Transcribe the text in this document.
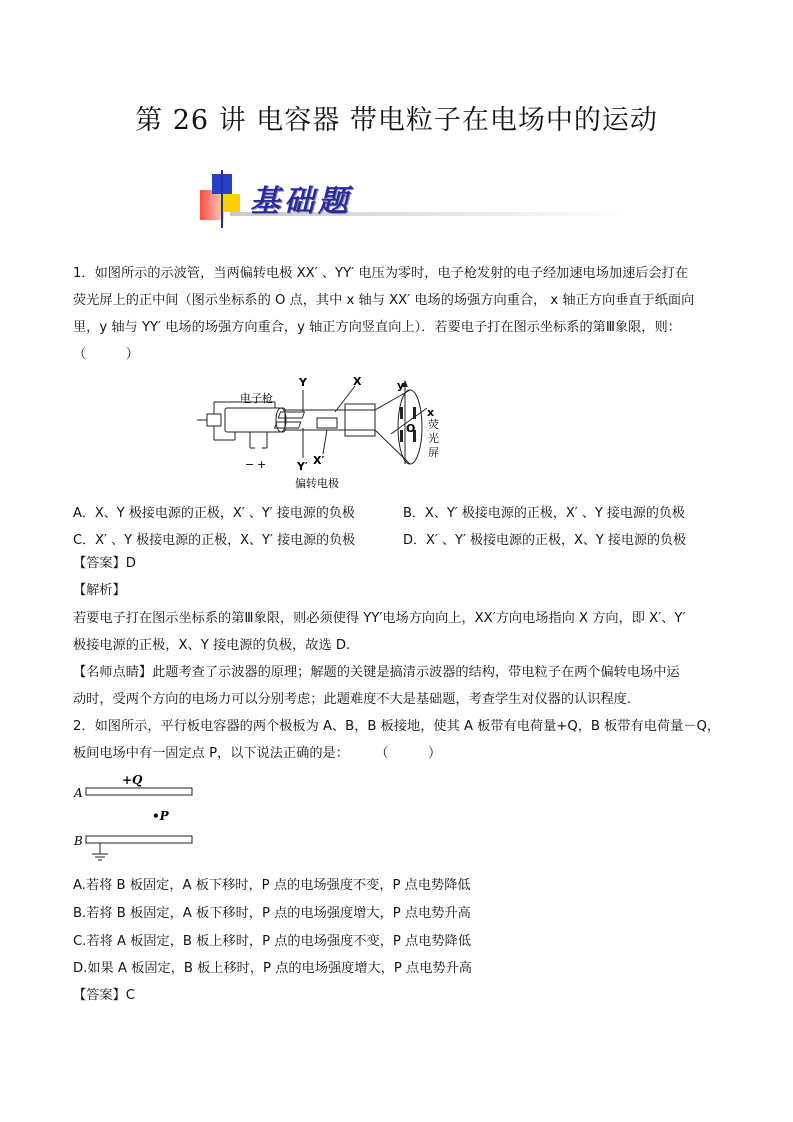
第 26 讲 电容器 带电粒子在电场中的运动
基础题
1．如图所示的示波管，当两偏转电极 XX′ 、YY′ 电压为零时，电子枪发射的电子经加速电场加速后会打在
荧光屏上的正中间（图示坐标系的 O 点，其中 x 轴与 XX′ 电场的场强方向重合， x 轴正方向垂直于纸面向
里，y 轴与 YY′ 电场的场强方向重合，y 轴正方向竖直向上）．若要电子打在图示坐标系的第Ⅲ象限，则：
（　　　）
电子枪
Y	X	y
x
Y′ X′
− +
O 荧
光
屏
偏转电极
A．X、Y 极接电源的正极，X′ 、Y′ 接电源的负极	B．X、Y′ 极接电源的正极，X′ 、Y 接电源的负极
C．X′ 、Y 极接电源的正极，X、Y′ 接电源的负极	D．X′ 、Y′ 极接电源的正极，X、Y 接电源的负极
【答案】D
【解析】
若要电子打在图示坐标系的第Ⅲ象限，则必须使得 YY′电场方向向上，XX′方向电场指向 X 方向，即 X′、Y′
极接电源的正极，X、Y 接电源的负极，故选 D.
【名师点睛】此题考查了示波器的原理；解题的关键是搞清示波器的结构，带电粒子在两个偏转电场中运
动时，受两个方向的电场力可以分别考虑；此题难度不大是基础题，考查学生对仪器的认识程度.
2．如图所示，平行板电容器的两个极板为 A、B，B 板接地，使其 A 板带有电荷量+Q，B 板带有电荷量－Q，
板间电场中有一固定点 P，以下说法正确的是：　　　（　　　）
A
B
+Q
•P
A.若将 B 板固定，A 板下移时，P 点的电场强度不变，P 点电势降低
B.若将 B 板固定，A 板下移时，P 点的电场强度增大，P 点电势升高
C.若将 A 板固定，B 板上移时，P 点的电场强度不变，P 点电势降低
D.如果 A 板固定，B 板上移时，P 点的电场强度增大，P 点电势升高
【答案】C
